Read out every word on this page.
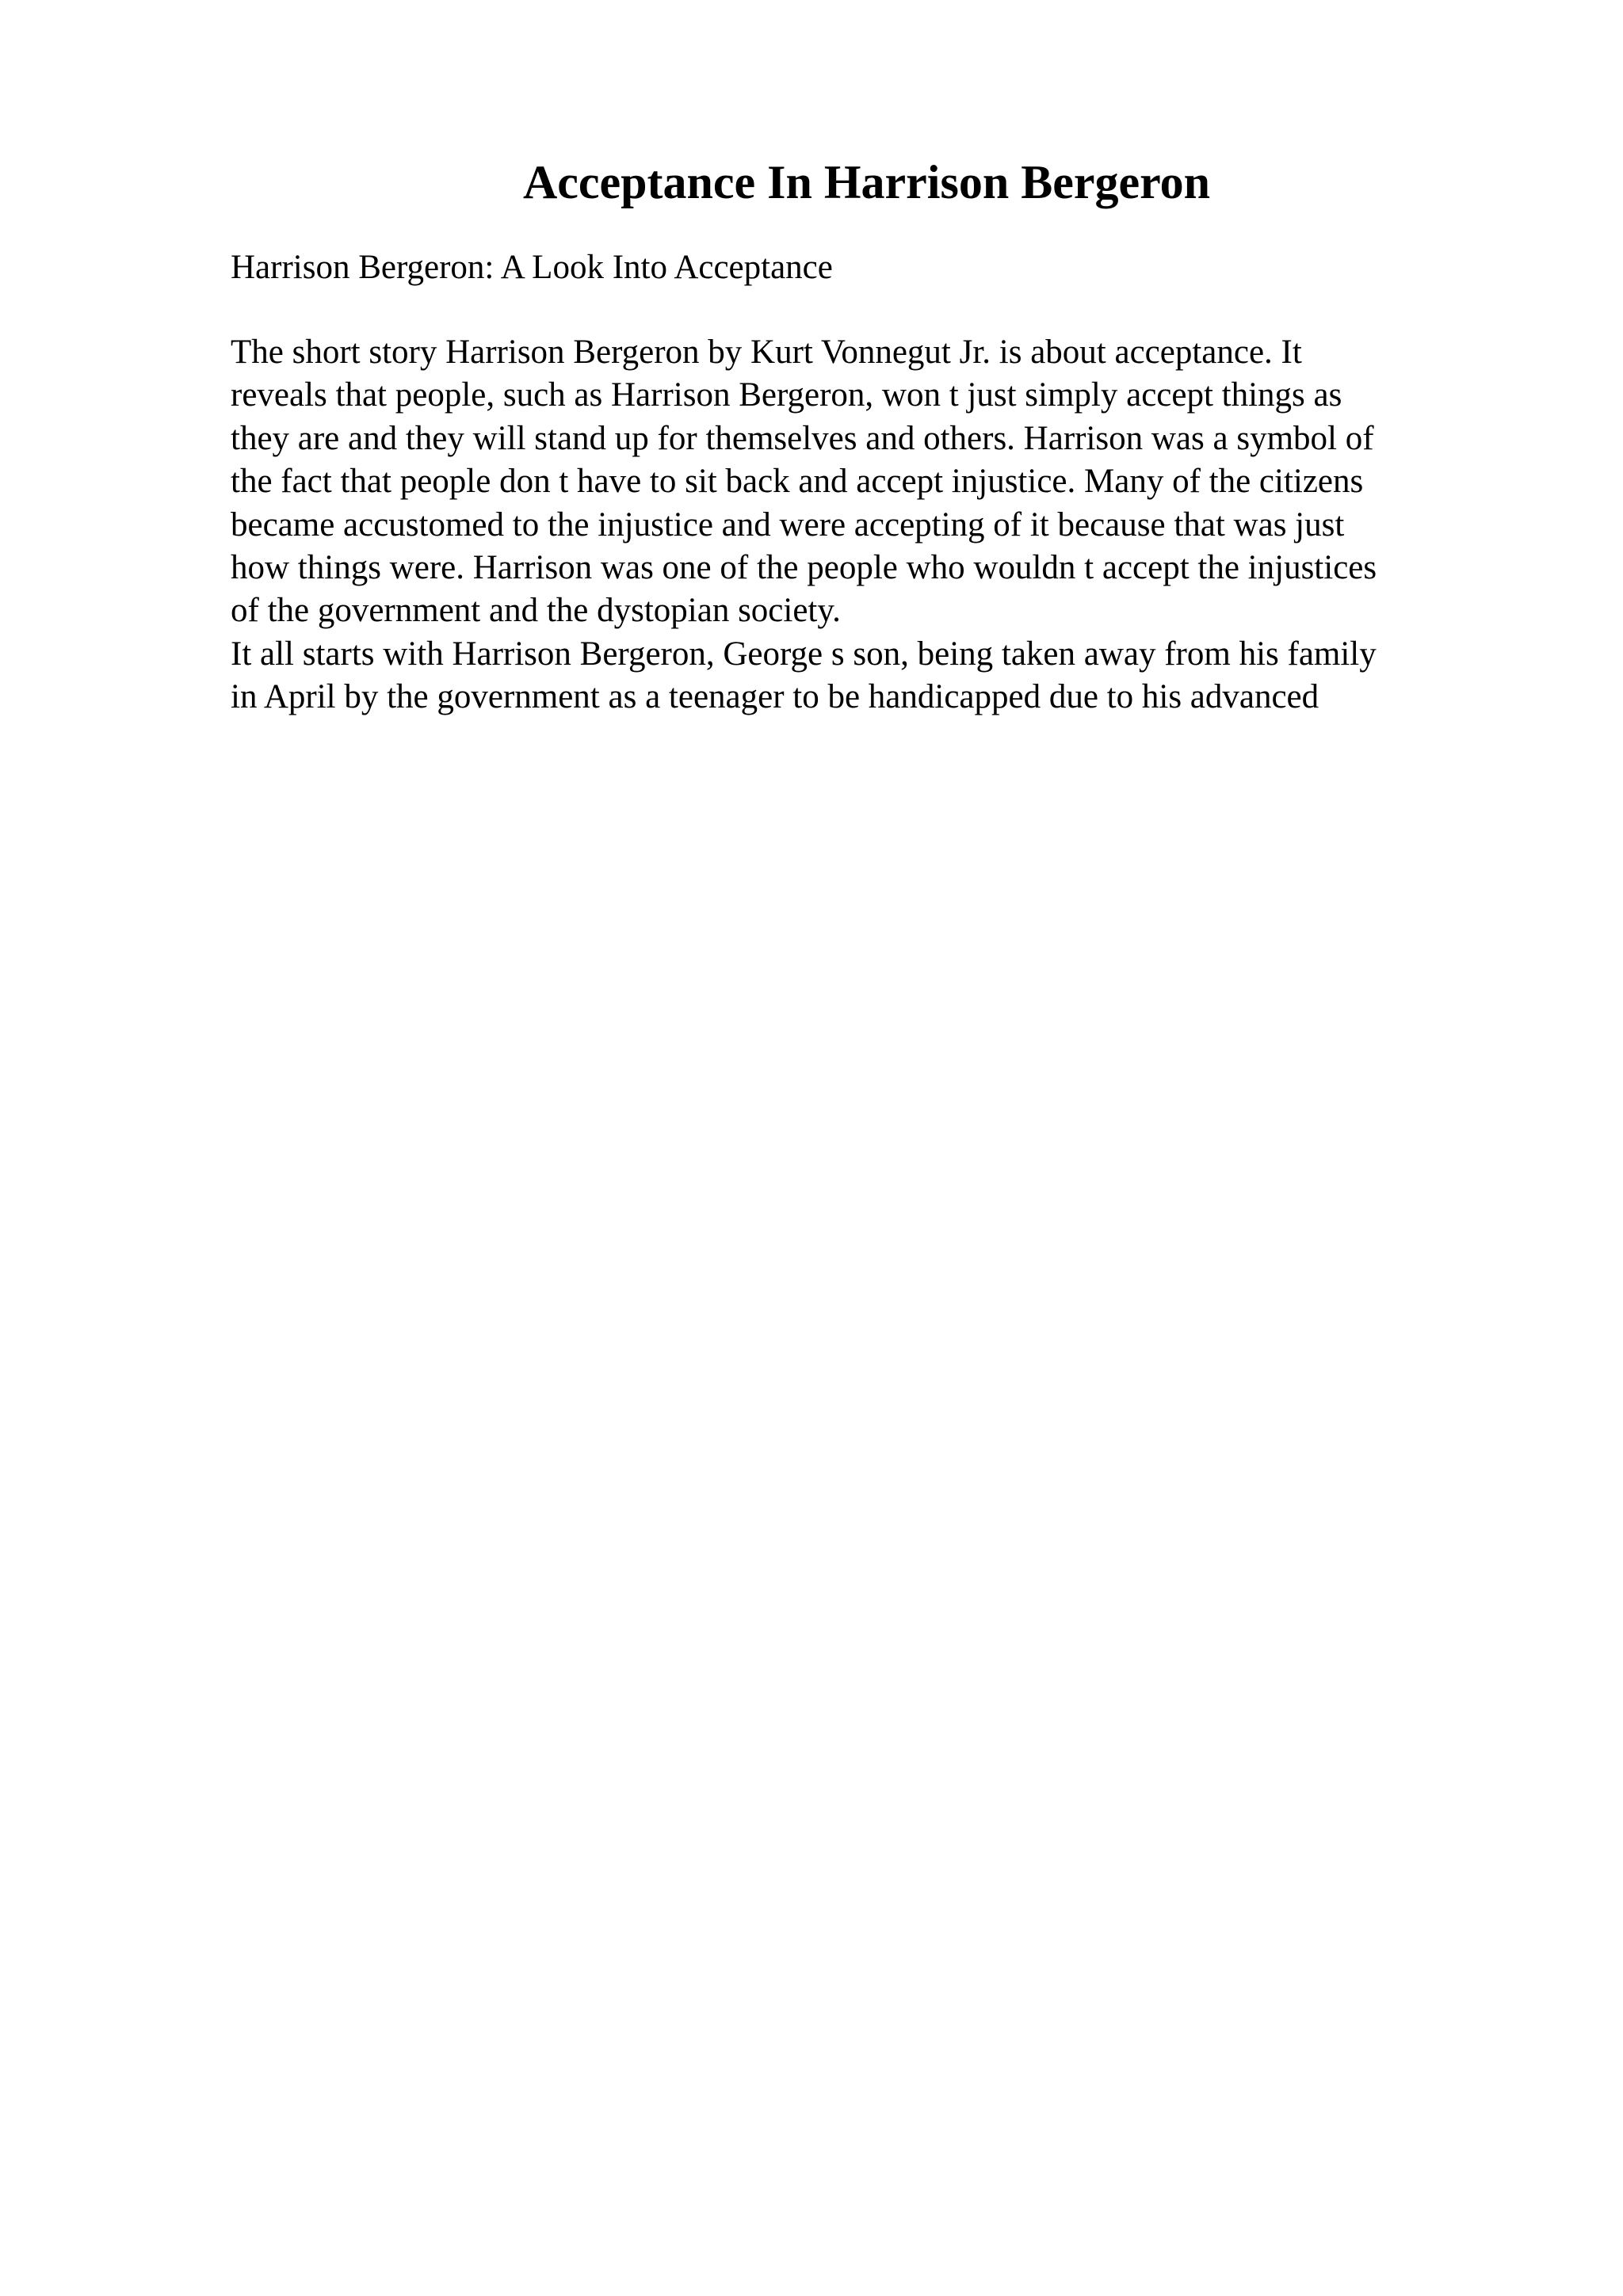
Acceptance In Harrison Bergeron

Harrison Bergeron: A Look Into Acceptance

The short story Harrison Bergeron by Kurt Vonnegut Jr. is about acceptance. It
reveals that people, such as Harrison Bergeron, won t just simply accept things as
they are and they will stand up for themselves and others. Harrison was a symbol of
the fact that people don t have to sit back and accept injustice. Many of the citizens
became accustomed to the injustice and were accepting of it because that was just
how things were. Harrison was one of the people who wouldn t accept the injustices
of the government and the dystopian society.
It all starts with Harrison Bergeron, George s son, being taken away from his family
in April by the government as a teenager to be handicapped due to his advanced
